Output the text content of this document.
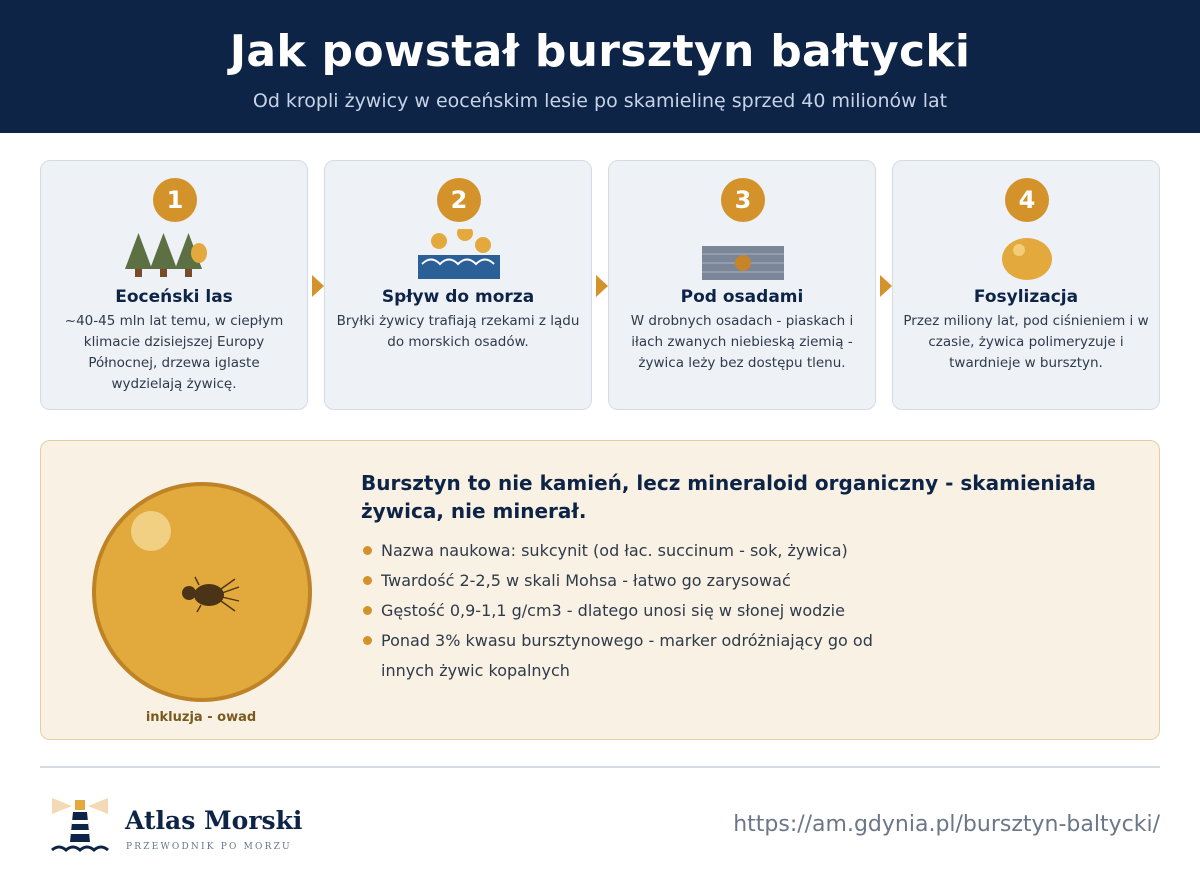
Jak powstał bursztyn bałtycki

Od kropli żywicy w eoceńskim lesie po skamielinę sprzed 40 milionów lat

1
Eoceński las

~40-45 mln lat temu, w ciepłym klimacie dzisiejszej Europy Północnej, drzewa iglaste wydzielają żywicę.

2
Spływ do morza

Bryłki żywicy trafiają rzekami z lądu do morskich osadów.

3
Pod osadami

W drobnych osadach - piaskach i iłach zwanych niebieską ziemią - żywica leży bez dostępu tlenu.

4
Fosylizacja

Przez miliony lat, pod ciśnieniem i w czasie, żywica polimeryzuje i twardnieje w bursztyn.

inkluzja - owad
Bursztyn to nie kamień, lecz mineraloid organiczny - skamieniała żywica, nie minerał.
Nazwa naukowa: sukcynit (od łac. succinum - sok, żywica)
Twardość 2-2,5 w skali Mohsa - łatwo go zarysować
Gęstość 0,9-1,1 g/cm3 - dlatego unosi się w słonej wodzie
Ponad 3% kwasu bursztynowego - marker odróżniający go od innych żywic kopalnych
Atlas Morski
PRZEWODNIK PO MORZU
https://am.gdynia.pl/bursztyn-baltycki/
